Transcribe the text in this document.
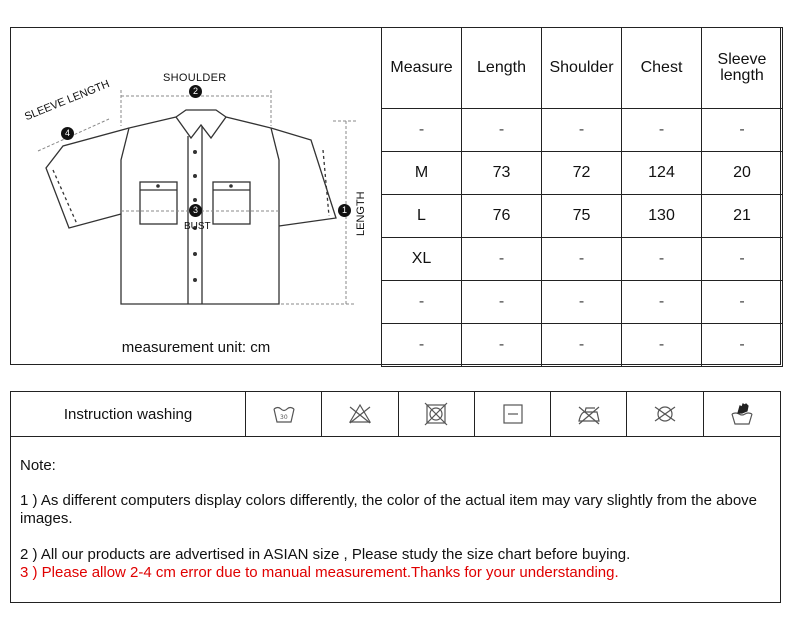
SHOULDER
2
SLEEVE LENGTH
4
3
BUST
1 LENGTH
measurement unit: cm
Measure	Length	Shoulder	Chest	Sleeve
length
-	-	-	-	-
M	73	72	124	20
L	76	75	130	21
XL	-	-	-	-
-	-	-	-	-
-	-	-	-	-
Instruction washing	30

Note:

1 ) As different computers display colors differently, the color of the actual item may vary slightly from the above images.

2 ) All our products are advertised in ASIAN size , Please study the size chart before buying.

3 ) Please allow 2-4 cm error due to manual measurement.Thanks for your understanding.
